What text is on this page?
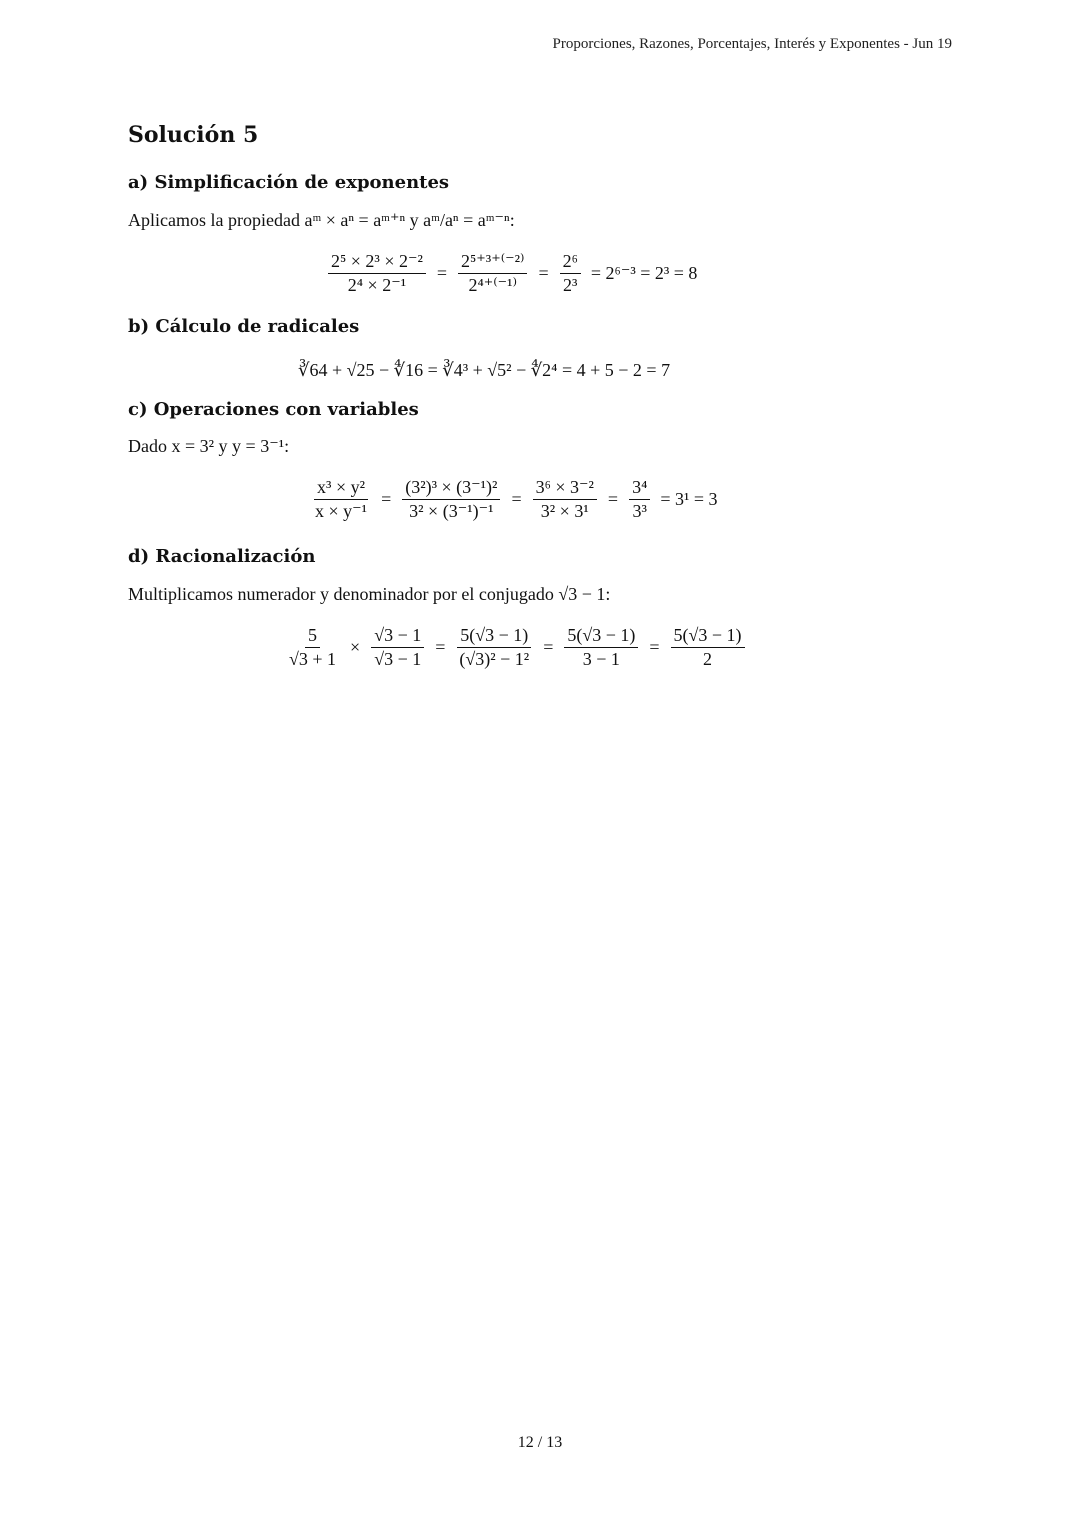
Proporciones, Razones, Porcentajes, Interés y Exponentes - Jun 19
Solución 5
a) Simplificación de exponentes
Aplicamos la propiedad aᵐ × aⁿ = aᵐ⁺ⁿ y aᵐ/aⁿ = aᵐ⁻ⁿ:
$\frac{\text{2⁵ × 2³ × 2⁻²}}{\text{2⁴ × 2⁻¹}} = \frac{\text{2⁵⁺³⁺⁽⁻²⁾}}{\text{2⁴⁺⁽⁻¹⁾}} = \frac{\text{2⁶}}{\text{2³}} = 2^{6-3} = 2^3 = 8$
b) Cálculo de radicales
∛64 + √25 − ∜16 = ∛4³ + √5² − ∜2⁴ = 4 + 5 − 2 = 7
c) Operaciones con variables
Dado x = 3² y y = 3⁻¹:
$\frac{\text{x³ × y²}}{\text{x × y⁻¹}} = \frac{\text{(3²)³ × (3⁻¹)²}}{\text{3² × (3⁻¹)⁻¹}} = \frac{\text{3⁶ × 3⁻²}}{\text{3² × 3¹}} = \frac{\text{3⁴}}{\text{3³}} = 3^1 = 3$
d) Racionalización
Multiplicamos numerador y denominador por el conjugado √3 − 1:
$\frac{5}{√3 + 1} \times \frac{√3 - 1}{√3 - 1} = \frac{5(√3 - 1)}{\text{(√3)² − 1²}} = \frac{5(√3 - 1)}{3 - 1} = \frac{5(√3 - 1)}{2}$
12 / 13
